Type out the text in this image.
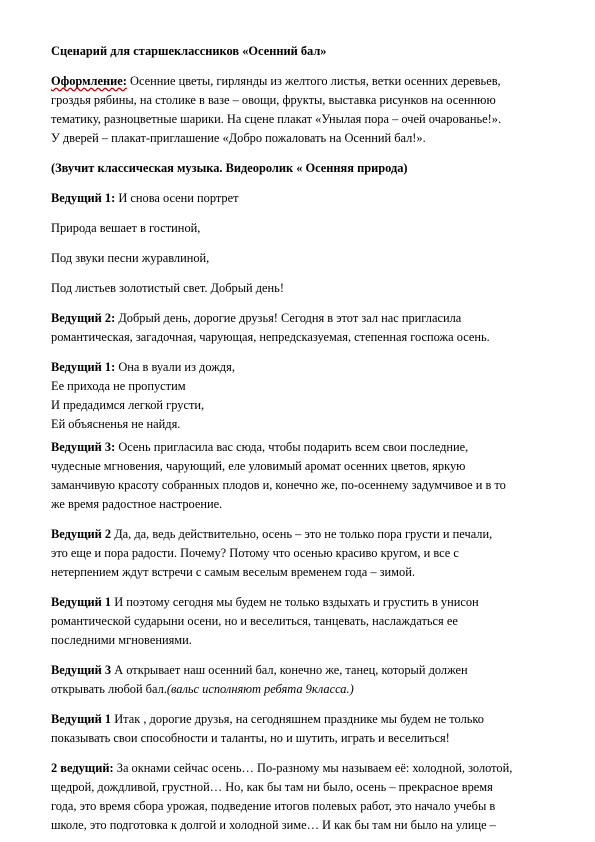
Сценарий для старшеклассников «Осенний бал»

Оформление: Осенние цветы, гирлянды из желтого листья, ветки осенних деревьев,
гроздья рябины, на столике в вазе – овощи, фрукты, выставка рисунков на осеннюю
тематику, разноцветные шарики. На сцене плакат «Унылая пора – очей очарованье!».
У дверей – плакат-приглашение «Добро пожаловать на Осенний бал!».

(Звучит классическая музыка. Видеоролик « Осенняя природа)

Ведущий 1: И снова осени портрет

Природа вешает в гостиной,

Под звуки песни журавлиной,

Под листьев золотистый свет. Добрый день!

Ведущий 2: Добрый день, дорогие друзья! Сегодня в этот зал нас пригласила
романтическая, загадочная, чарующая, непредсказуемая, степенная госпожа осень.

Ведущий 1: Она в вуали из дождя,
Ее прихода не пропустим
И предадимся легкой грусти,
Ей объясненья не найдя.

Ведущий 3: Осень пригласила вас сюда, чтобы подарить всем свои последние,
чудесные мгновения, чарующий, еле уловимый аромат осенних цветов, яркую
заманчивую красоту собранных плодов и, конечно же, по-осеннему задумчивое и в то
же время радостное настроение.

Ведущий 2 Да, да, ведь действительно, осень – это не только пора грусти и печали,
это еще и пора радости. Почему? Потому что осенью красиво кругом, и все с
нетерпением ждут встречи с самым веселым временем года – зимой.

Ведущий 1 И поэтому сегодня мы будем не только вздыхать и грустить в унисон
романтической сударыни осени, но и веселиться, танцевать, наслаждаться ее
последними мгновениями.

Ведущий 3 А открывает наш осенний бал, конечно же, танец, который должен
открывать любой бал.(вальс исполняют ребята 9класса.)

Ведущий 1 Итак , дорогие друзья, на сегодняшнем празднике мы будем не только
показывать свои способности и таланты, но и шутить, играть и веселиться!

2 ведущий: За окнами сейчас осень… По-разному мы называем её: холодной, золотой,
щедрой, дождливой, грустной… Но, как бы там ни было, осень – прекрасное время
года, это время сбора урожая, подведение итогов полевых работ, это начало учебы в
школе, это подготовка к долгой и холодной зиме… И как бы там ни было на улице –
